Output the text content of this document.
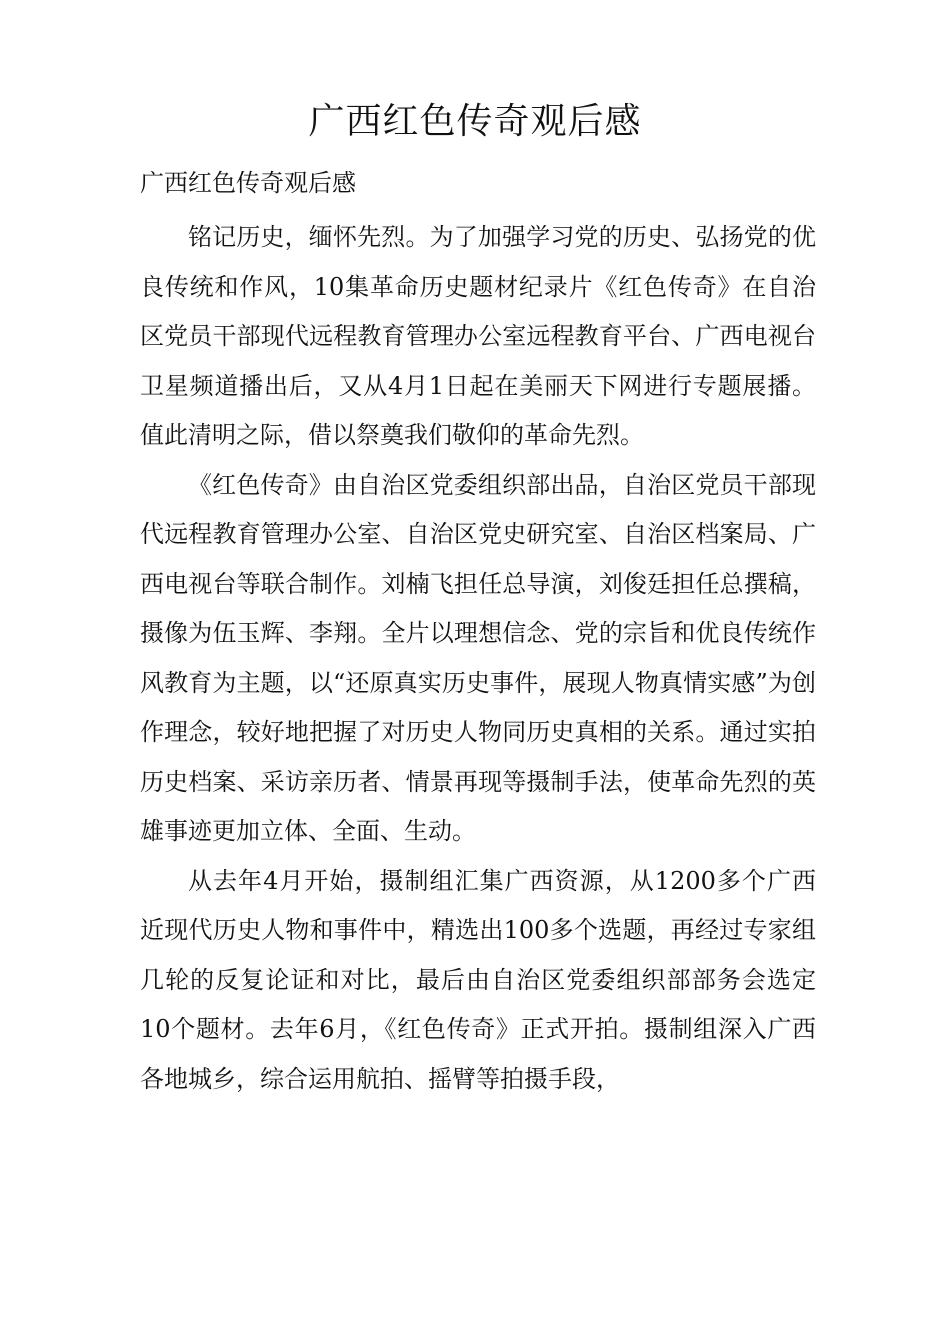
广西红色传奇观后感

广西红色传奇观后感

铭记历史，缅怀先烈。为了加强学习党的历史、弘扬党的优良传统和作风，10集革命历史题材纪录片《红色传奇》在自治区党员干部现代远程教育管理办公室远程教育平台、广西电视台卫星频道播出后，又从4月1日起在美丽天下网进行专题展播。值此清明之际，借以祭奠我们敬仰的革命先烈。

《红色传奇》由自治区党委组织部出品，自治区党员干部现代远程教育管理办公室、自治区党史研究室、自治区档案局、广西电视台等联合制作。刘楠飞担任总导演，刘俊廷担任总撰稿，摄像为伍玉辉、李翔。全片以理想信念、党的宗旨和优良传统作风教育为主题，以“还原真实历史事件，展现人物真情实感”为创作理念，较好地把握了对历史人物同历史真相的关系。通过实拍历史档案、采访亲历者、情景再现等摄制手法，使革命先烈的英雄事迹更加立体、全面、生动。

从去年4月开始，摄制组汇集广西资源，从1200多个广西近现代历史人物和事件中，精选出100多个选题，再经过专家组几轮的反复论证和对比，最后由自治区党委组织部部务会选定10个题材。去年6月，《红色传奇》正式开拍。摄制组深入广西各地城乡，综合运用航拍、摇臂等拍摄手段，
